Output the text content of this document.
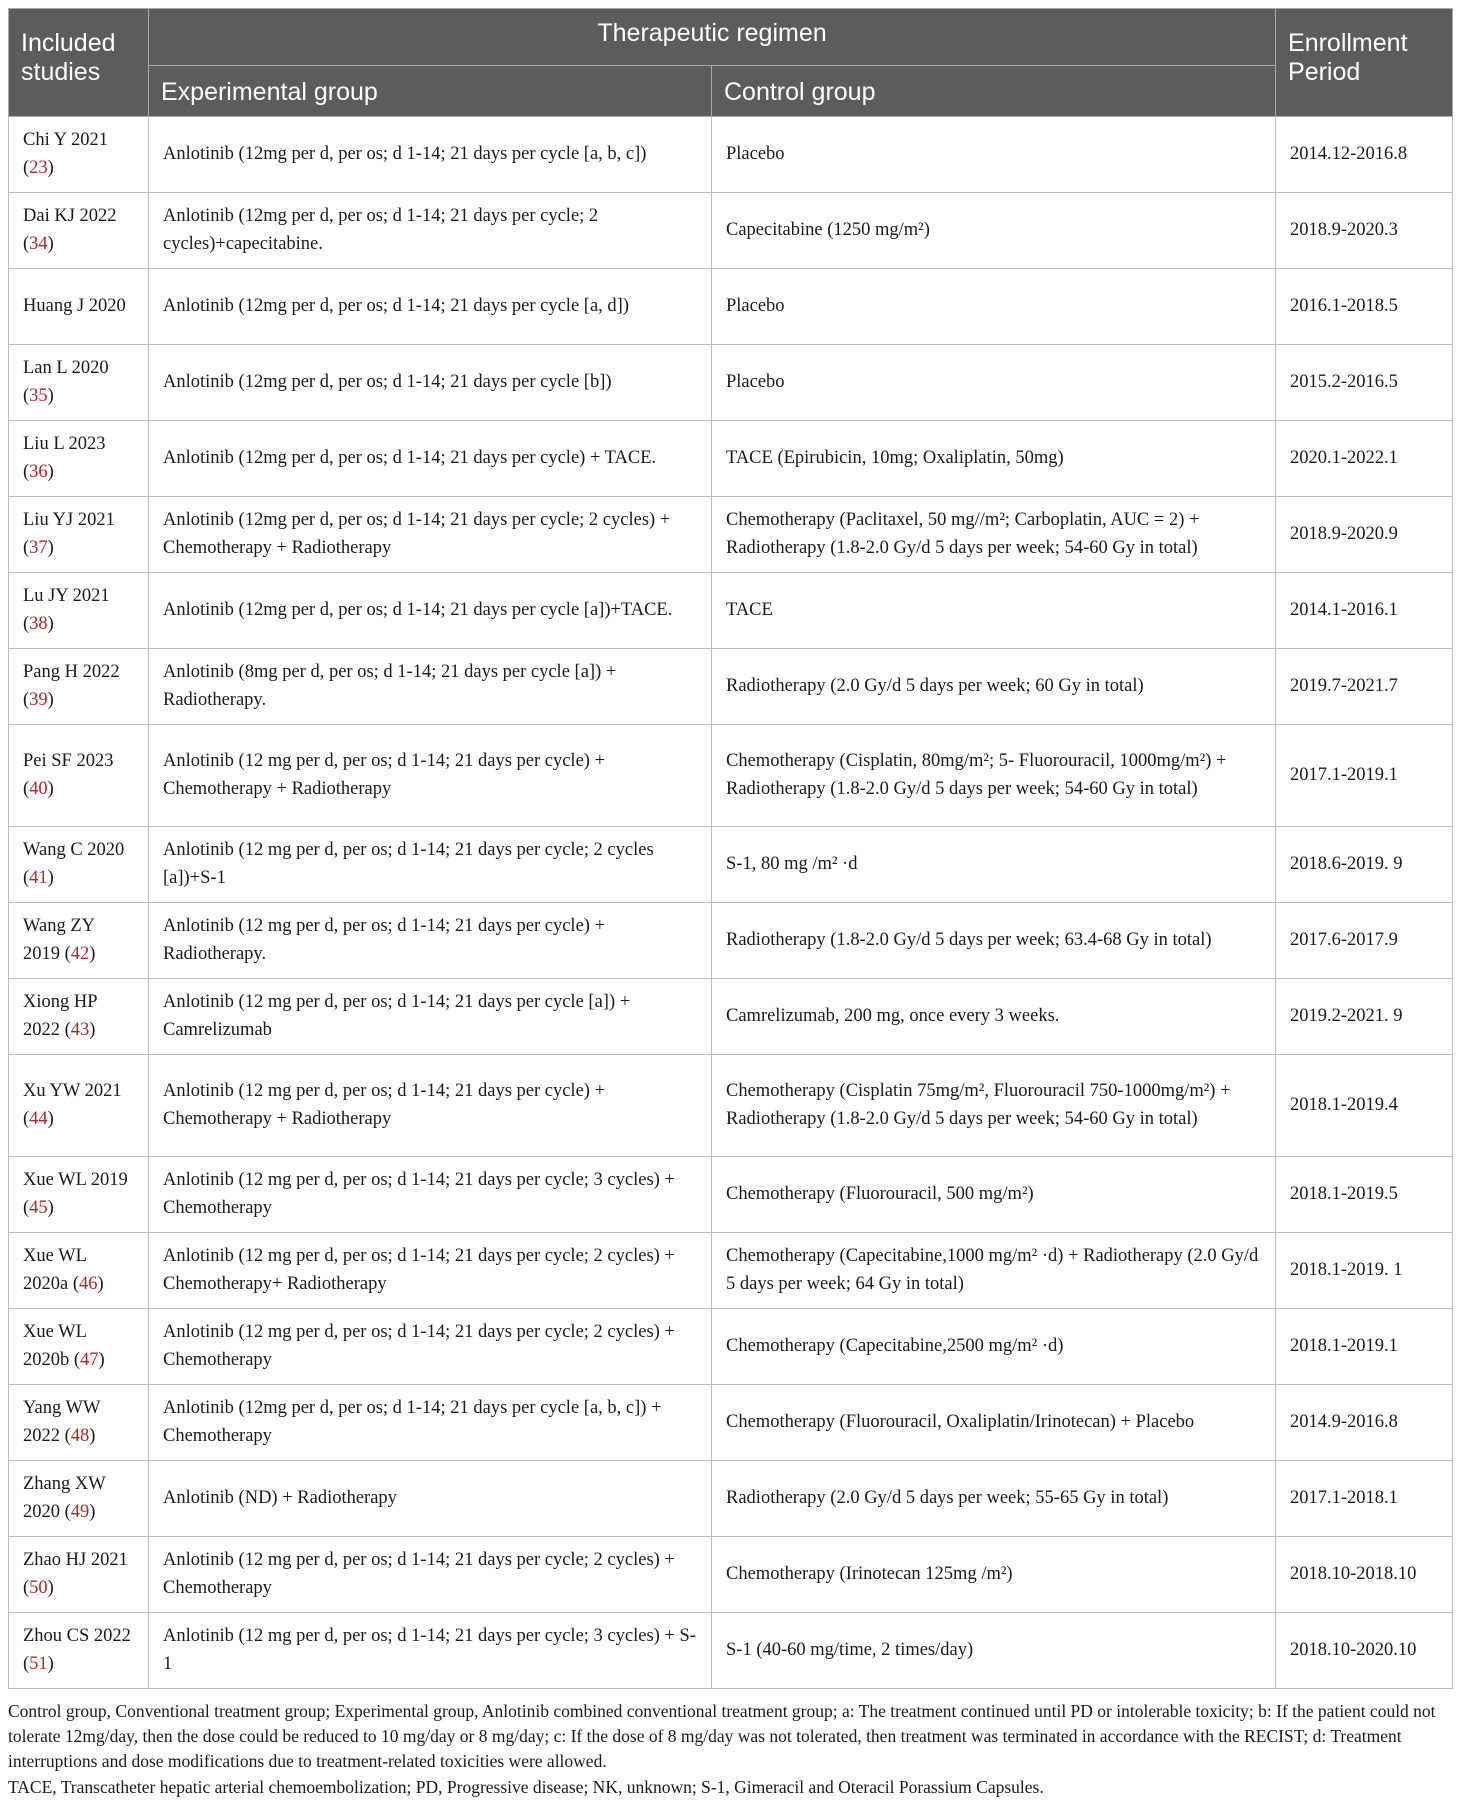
Included studies	Therapeutic regimen		Enrollment Period
	Experimental group	Control group	
Chi Y 2021 (23)	Anlotinib (12mg per d, per os; d 1-14; 21 days per cycle [a, b, c])	Placebo	2014.12-2016.8
Dai KJ 2022 (34)	Anlotinib (12mg per d, per os; d 1-14; 21 days per cycle; 2 cycles)+capecitabine.	Capecitabine (1250 mg/m²)	2018.9-2020.3
Huang J 2020	Anlotinib (12mg per d, per os; d 1-14; 21 days per cycle [a, d])	Placebo	2016.1-2018.5
Lan L 2020 (35)	Anlotinib (12mg per d, per os; d 1-14; 21 days per cycle [b])	Placebo	2015.2-2016.5
Liu L 2023 (36)	Anlotinib (12mg per d, per os; d 1-14; 21 days per cycle) + TACE.	TACE (Epirubicin, 10mg; Oxaliplatin, 50mg)	2020.1-2022.1
Liu YJ 2021 (37)	Anlotinib (12mg per d, per os; d 1-14; 21 days per cycle; 2 cycles) + Chemotherapy + Radiotherapy	Chemotherapy (Paclitaxel, 50 mg//m²; Carboplatin, AUC = 2) + Radiotherapy (1.8-2.0 Gy/d 5 days per week; 54-60 Gy in total)	2018.9-2020.9
Lu JY 2021 (38)	Anlotinib (12mg per d, per os; d 1-14; 21 days per cycle [a])+TACE.	TACE	2014.1-2016.1
Pang H 2022 (39)	Anlotinib (8mg per d, per os; d 1-14; 21 days per cycle [a]) + Radiotherapy.	Radiotherapy (2.0 Gy/d 5 days per week; 60 Gy in total)	2019.7-2021.7
Pei SF 2023 (40)	Anlotinib (12 mg per d, per os; d 1-14; 21 days per cycle) + Chemotherapy + Radiotherapy	Chemotherapy (Cisplatin, 80mg/m²; 5- Fluorouracil, 1000mg/m²) + Radiotherapy (1.8-2.0 Gy/d 5 days per week; 54-60 Gy in total)	2017.1-2019.1
Wang C 2020 (41)	Anlotinib (12 mg per d, per os; d 1-14; 21 days per cycle; 2 cycles [a])+S-1	S-1, 80 mg /m² ·d	2018.6-2019. 9
Wang ZY 2019 (42)	Anlotinib (12 mg per d, per os; d 1-14; 21 days per cycle) + Radiotherapy.	Radiotherapy (1.8-2.0 Gy/d 5 days per week; 63.4-68 Gy in total)	2017.6-2017.9
Xiong HP 2022 (43)	Anlotinib (12 mg per d, per os; d 1-14; 21 days per cycle [a]) + Camrelizumab	Camrelizumab, 200 mg, once every 3 weeks.	2019.2-2021. 9
Xu YW 2021 (44)	Anlotinib (12 mg per d, per os; d 1-14; 21 days per cycle) + Chemotherapy + Radiotherapy	Chemotherapy (Cisplatin 75mg/m², Fluorouracil 750-1000mg/m²) + Radiotherapy (1.8-2.0 Gy/d 5 days per week; 54-60 Gy in total)	2018.1-2019.4
Xue WL 2019 (45)	Anlotinib (12 mg per d, per os; d 1-14; 21 days per cycle; 3 cycles) + Chemotherapy	Chemotherapy (Fluorouracil, 500 mg/m²)	2018.1-2019.5
Xue WL 2020a (46)	Anlotinib (12 mg per d, per os; d 1-14; 21 days per cycle; 2 cycles) + Chemotherapy+ Radiotherapy	Chemotherapy (Capecitabine,1000 mg/m² ·d) + Radiotherapy (2.0 Gy/d 5 days per week; 64 Gy in total)	2018.1-2019. 1
Xue WL 2020b (47)	Anlotinib (12 mg per d, per os; d 1-14; 21 days per cycle; 2 cycles) + Chemotherapy	Chemotherapy (Capecitabine,2500 mg/m² ·d)	2018.1-2019.1
Yang WW 2022 (48)	Anlotinib (12mg per d, per os; d 1-14; 21 days per cycle [a, b, c]) + Chemotherapy	Chemotherapy (Fluorouracil, Oxaliplatin/Irinotecan) + Placebo	2014.9-2016.8
Zhang XW 2020 (49)	Anlotinib (ND) + Radiotherapy	Radiotherapy (2.0 Gy/d 5 days per week; 55-65 Gy in total)	2017.1-2018.1
Zhao HJ 2021 (50)	Anlotinib (12 mg per d, per os; d 1-14; 21 days per cycle; 2 cycles) + Chemotherapy	Chemotherapy (Irinotecan 125mg /m²)	2018.10-2018.10
Zhou CS 2022 (51)	Anlotinib (12 mg per d, per os; d 1-14; 21 days per cycle; 3 cycles) + S-1	S-1 (40-60 mg/time, 2 times/day)	2018.10-2020.10

Control group, Conventional treatment group; Experimental group, Anlotinib combined conventional treatment group; a: The treatment continued until PD or intolerable toxicity; b: If the patient could not tolerate 12mg/day, then the dose could be reduced to 10 mg/day or 8 mg/day; c: If the dose of 8 mg/day was not tolerated, then treatment was terminated in accordance with the RECIST; d: Treatment interruptions and dose modifications due to treatment-related toxicities were allowed.

TACE, Transcatheter hepatic arterial chemoembolization; PD, Progressive disease; NK, unknown; S-1, Gimeracil and Oteracil Porassium Capsules.
